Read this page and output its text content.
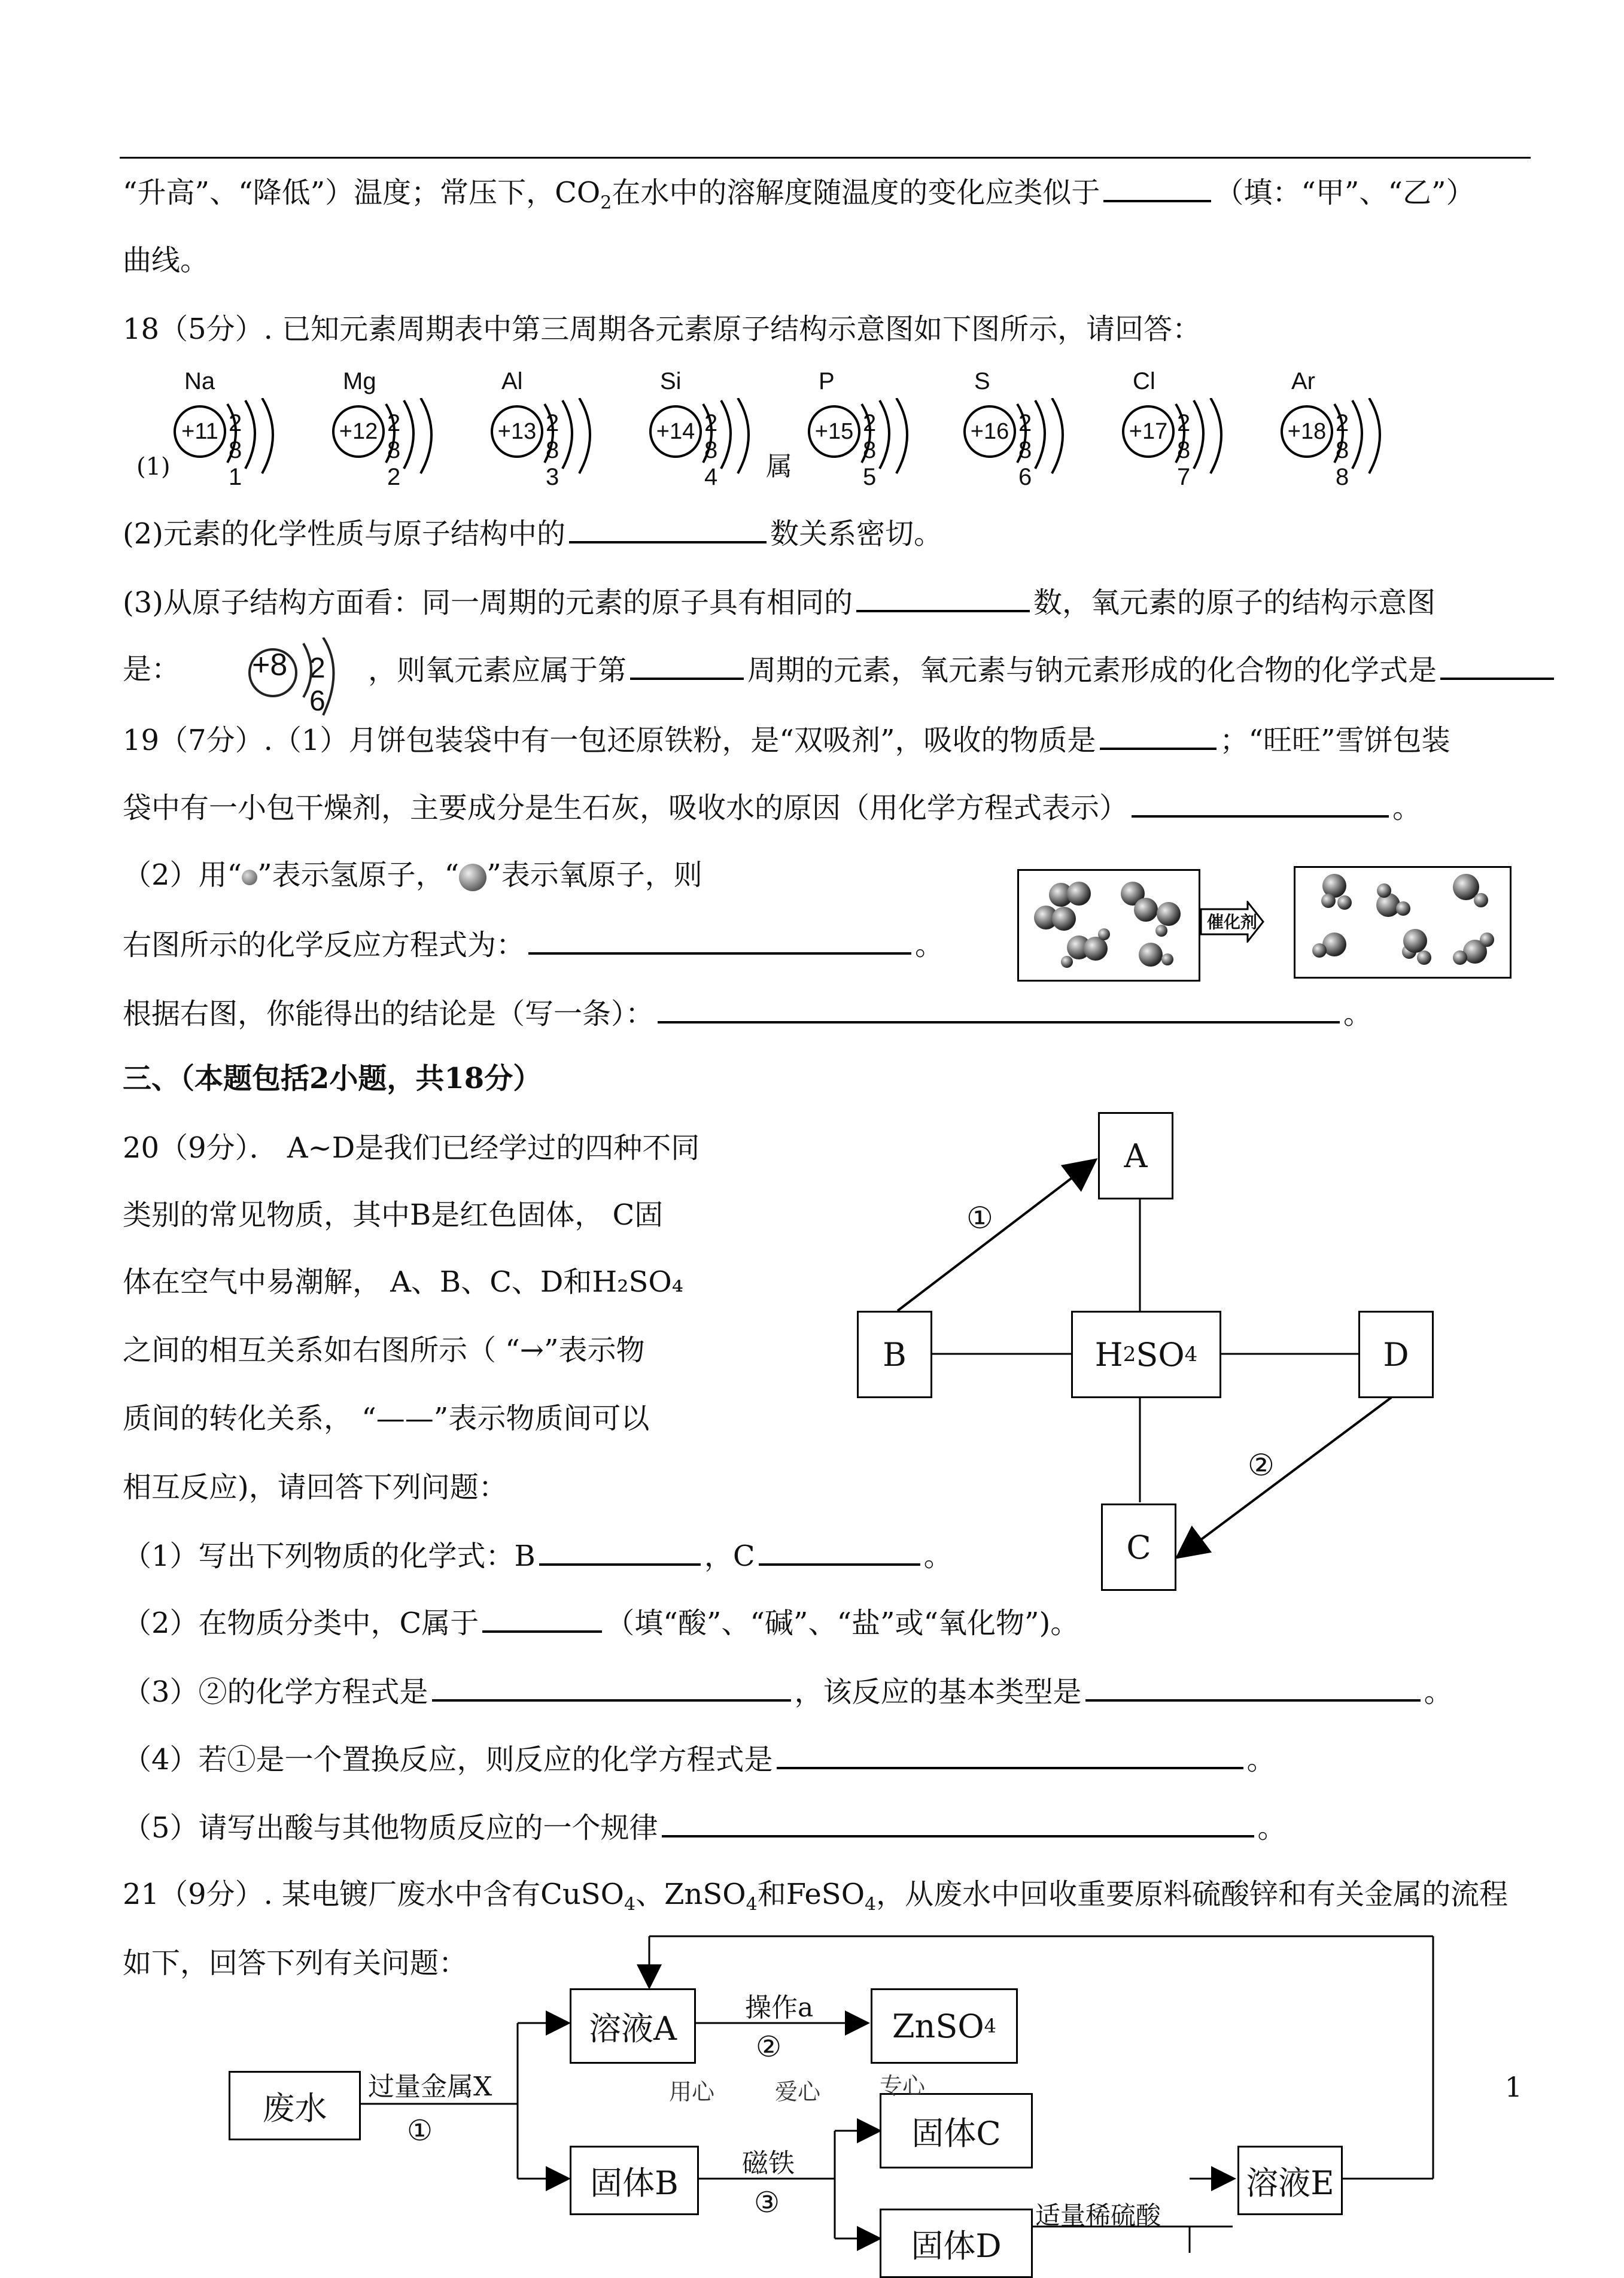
“升高”、“降低”）温度；常压下，$CO_2$在水中的溶解度随温度的变化应类似于	（填：“甲”、“乙”）
曲线。
18（5分）. 已知元素周期表中第三周期各元素原子结构示意图如下图所示，请回答：
Na
+11 2 8 1
Mg
+12 2 8 2
Al
+13 2 8 3
Si
+14 2 8 4
P
+15 2 8 5
S
+16 2 8 6
Cl
+17 2 8 7
Ar
+18 2 8 8
(1)	属
(2)元素的化学性质与原子结构中的	数关系密切。
(3)从原子结构方面看：同一周期的元素的原子具有相同的	数，氧元素的原子的结构示意图
是： +8 2 6
，则氧元素应属于第	周期的元素，氧元素与钠元素形成的化合物的化学式是
19（7分）.（1）月饼包装袋中有一包还原铁粉，是“双吸剂”，吸收的物质是	；“旺旺”雪饼包装
袋中有一小包干燥剂，主要成分是生石灰，吸收水的原因（用化学方程式表示）	。
（2）用“ ”表示氢原子，“ ”表示氧原子，则
右图所示的化学反应方程式为：	。
根据右图，你能得出的结论是（写一条）：	。
催化剂
三、（本题包括2小题，共18分）
20（9分）． A~D是我们已经学过的四种不同
类别的常见物质，其中B是红色固体， C固
体在空气中易潮解， A、B、C、D和H₂SO₄
之间的相互关系如右图所示（ “→”表示物
质间的转化关系， “——”表示物质间可以
相互反应)，请回答下列问题：
A
B	D
C
H 2 SO 4
①
②
（1）写出下列物质的化学式：B	，C	。
（2）在物质分类中，C属于	（填“酸”、“碱”、“盐”或“氧化物”)。
（3）②的化学方程式是	，该反应的基本类型是	。
（4）若①是一个置换反应，则反应的化学方程式是	。
（5）请写出酸与其他物质反应的一个规律	。
21（9分）. 某电镀厂废水中含有CuSO$_4$、ZnSO$_4$和FeSO$_4$，从废水中回收重要原料硫酸锌和有关金属的流程
如下，回答下列有关问题：
废水
溶液A	ZnSO 4
固体B
固体C
固体D
溶液E
过量金属X
①
操作a
②
磁铁
③	适量稀硫酸
用心	爱心	专心	1
